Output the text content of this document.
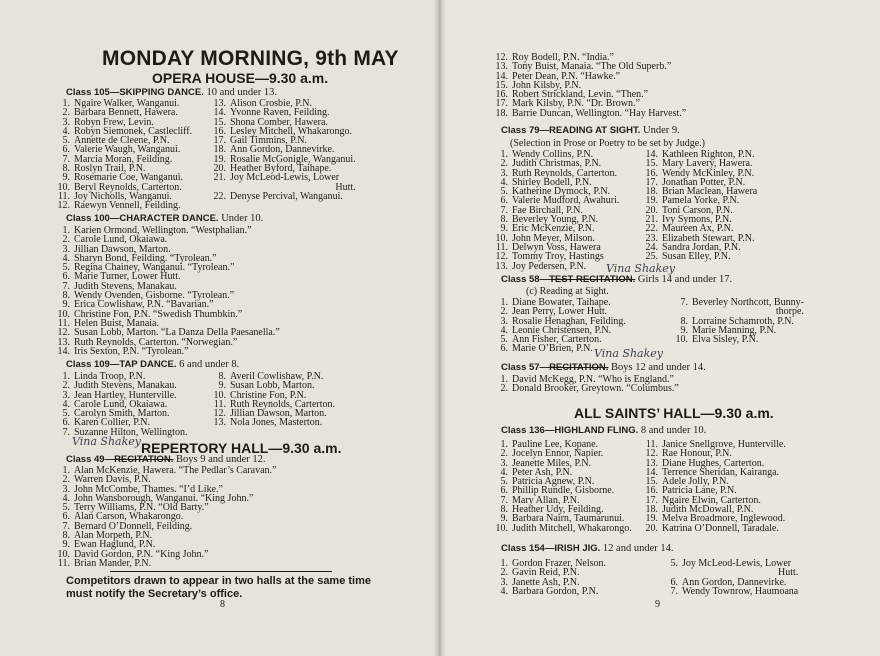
MONDAY MORNING, 9th MAY
OPERA HOUSE—9.30 a.m.
Class 105—SKIPPING DANCE. 10 and under 13.
1. Ngaire Walker, Wanganui.
2. Barbara Bennett, Hawera.
3. Robyn Frew, Levin.
4. Robyn Siemonek, Castlecliff.
5. Annette de Cleene, P.N.
6. Valerie Waugh, Wanganui.
7. Marcia Moran, Feilding.
8. Roslyn Trail, P.N.
9. Rosemarie Coe, Wanganui.
10. Beryl Reynolds, Carterton.
11. Joy Nicholls, Wanganui.
12. Raewyn Vennell, Feilding.
13. Alison Crosbie, P.N.
14. Yvonne Raven, Feilding.
15. Shona Comber, Hawera.
16. Lesley Mitchell, Whakarongo.
17. Gail Timmins, P.N.
18. Ann Gordon, Dannevirke.
19. Rosalie McGonigle, Wanganui.
20. Heather Byford, Taihape.
21. Joy McLeod-Lewis, Lower
Hutt.
22. Denyse Percival, Wanganui.
Class 100—CHARACTER DANCE. Under 10.
1. Karien Ormond, Wellington. “Westphalian.”
2. Carole Lund, Okaiawa.
3. Jillian Dawson, Marton.
4. Sharyn Bond, Feilding. “Tyrolean.”
5. Regina Chainey, Wanganui. “Tyrolean.”
6. Marie Turner, Lower Hutt.
7. Judith Stevens, Manakau.
8. Wendy Ovenden, Gisborne. “Tyrolean.”
9. Erica Cowlishaw, P.N. “Bavarian.”
10. Christine Fon, P.N. “Swedish Thumbkin.”
11. Helen Buist, Manaia.
12. Susan Lobb, Marton. “La Danza Della Paesanella.”
13. Ruth Reynolds, Carterton. “Norwegian.”
14. Iris Sexton, P.N. “Tyrolean.”
Class 109—TAP DANCE. 6 and under 8.
1. Linda Troop, P.N.
2. Judith Stevens, Manakau.
3. Jean Hartley, Hunterville.
4. Carole Lund, Okaiawa.
5. Carolyn Smith, Marton.
6. Karen Collier, P.N.
7. Suzanne Hilton, Wellington.
8. Averil Cowlishaw, P.N.
9. Susan Lobb, Marton.
10. Christine Fon, P.N.
11. Ruth Reynolds, Carterton.
12. Jillian Dawson, Marton.
13. Nola Jones, Masterton.
Vina Shakey REPERTORY HALL—9.30 a.m.
Class 49—RECITATION. Boys 9 and under 12.
1. Alan McKenzie, Hawera. “The Pedlar’s Caravan.”
2. Warren Davis, P.N.
3. John McCombe, Thames. “I’d Like.”
4. John Wansborough, Wanganui. “King John.”
5. Terry Williams, P.N. “Old Barty.”
6. Alan Carson, Whakarongo.
7. Bernard O’Donnell, Feilding.
8. Alan Morpeth, P.N.
9. Ewan Haglund, P.N.
10. David Gordon, P.N. “King John.”
11. Brian Mander, P.N.
Competitors drawn to appear in two halls at the same time must notify the Secretary’s office.
8
12. Roy Bodell, P.N. “India.”
13. Tony Buist, Manaia. “The Old Superb.”
14. Peter Dean, P.N. “Hawke.”
15. John Kilsby, P.N.
16. Robert Strickland, Levin. “Then.”
17. Mark Kilsby, P.N. “Dr. Brown.”
18. Barrie Duncan, Wellington. “Hay Harvest.”
Class 79—READING AT SIGHT. Under 9.
(Selection in Prose or Poetry to be set by Judge.)
1. Wendy Collins, P.N.
2. Judith Christmas, P.N.
3. Ruth Reynolds, Carterton.
4. Shirley Bodell, P.N.
5. Katherine Dymock, P.N.
6. Valerie Mudford, Awahuri.
7. Fae Birchall, P.N.
8. Beverley Young, P.N.
9. Eric McKenzie, P.N.
10. John Meyer, Milson.
11. Delwyn Voss, Hawera
12. Tommy Troy, Hastings
13. Joy Pedersen, P.N.
14. Kathleen Righton, P.N.
15. Mary Lavery, Hawera.
16. Wendy McKinley, P.N.
17. Jonathan Potter, P.N.
18. Brian Maclean, Hawera
19. Pamela Yorke, P.N.
20. Toni Carson, P.N.
21. Ivy Symons, P.N.
22. Maureen Ax, P.N.
23. Elizabeth Stewart, P.N.
24. Sandra Jordan, P.N.
25. Susan Elley, P.N.
Vina Shakey
Class 58—TEST RECITATION. Girls 14 and under 17.
(c) Reading at Sight.
1. Diane Bowater, Taihape.
2. Jean Perry, Lower Hutt.
3. Rosalie Henaghan, Feilding.
4. Leonie Christensen, P.N.
5. Ann Fisher, Carterton.
6. Marie O’Brien, P.N.
7. Beverley Northcott, Bunny-
thorpe.
8. Lorraine Schamroth, P.N.
9. Marie Manning, P.N.
10. Elva Sisley, P.N.
Vina Shakey
Class 57—RECITATION. Boys 12 and under 14.
1. David McKegg, P.N. “Who is England.”
2. Donald Brooker, Greytown. “Columbus.”
ALL SAINTS’ HALL—9.30 a.m.
Class 136—HIGHLAND FLING. 8 and under 10.
1. Pauline Lee, Kopane.
2. Jocelyn Ennor, Napier.
3. Jeanette Miles, P.N.
4. Peter Ash, P.N.
5. Patricia Agnew, P.N.
6. Phillip Rundle, Gisborne.
7. Mary Allan, P.N.
8. Heather Udy, Feilding.
9. Barbara Nairn, Taumarunui.
10. Judith Mitchell, Whakarongo.
11. Janice Snellgrove, Hunterville.
12. Rae Honour, P.N.
13. Diane Hughes, Carterton.
14. Terrence Sheridan, Kairanga.
15. Adele Jolly, P.N.
16. Patricia Lane, P.N.
17. Ngaire Elwin, Carterton.
18. Judith McDowall, P.N.
19. Melva Broadmore, Inglewood.
20. Katrina O’Donnell, Taradale.
Class 154—IRISH JIG. 12 and under 14.
1. Gordon Frazer, Nelson.
2. Gavin Reid, P.N.
3. Janette Ash, P.N.
4. Barbara Gordon, P.N.
5. Joy McLeod-Lewis, Lower
Hutt.
6. Ann Gordon, Dannevirke.
7. Wendy Townrow, Haumoana
9
